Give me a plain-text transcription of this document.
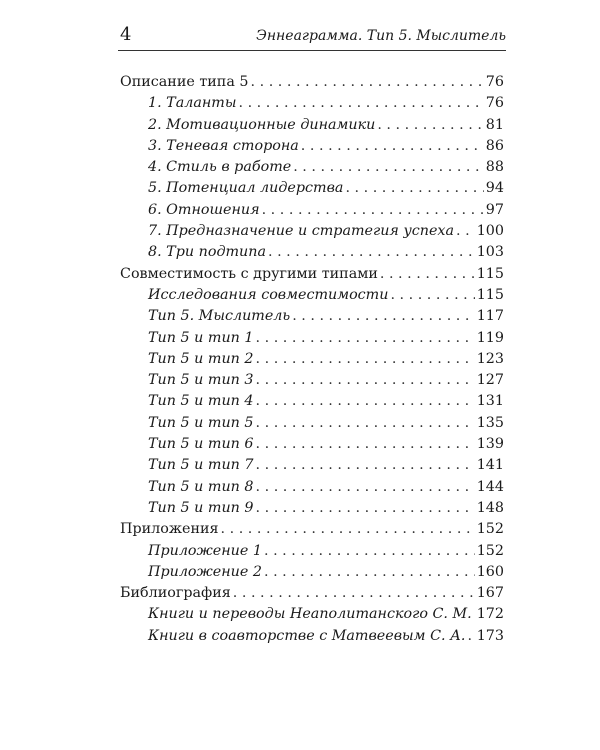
4	Эннеаграмма. Тип 5. Мыслитель
Описание типа 5 . . .	76
1. Таланты . . .	76
2. Мотивационные динамики . . .	81
3. Теневая сторона . . .	86
4. Стиль в работе . . .	88
5. Потенциал лидерства . . .	94
6. Отношения . . .	97
7. Предназначение и стратегия успеха . . . 100
8. Три подтипа . . .	103
Совместимость с другими типами . . .	115
Исследования совместимости . . .	115
Тип 5. Мыслитель . . .	117
Тип 5 и тип 1 . . .	119
Тип 5 и тип 2 . . .	123
Тип 5 и тип 3 . . .	127
Тип 5 и тип 4 . . .	131
Тип 5 и тип 5 . . .	135
Тип 5 и тип 6 . . .	139
Тип 5 и тип 7 . . .	141
Тип 5 и тип 8 . . .	144
Тип 5 и тип 9 . . .	148
Приложения . . .	152
Приложение 1 . . .	152
Приложение 2 . . .	160
Библиография . . .	167
Книги и переводы Неаполитанского С. М. . . . 172
Книги в соавторстве с Матвеевым С. А. . . . 173
